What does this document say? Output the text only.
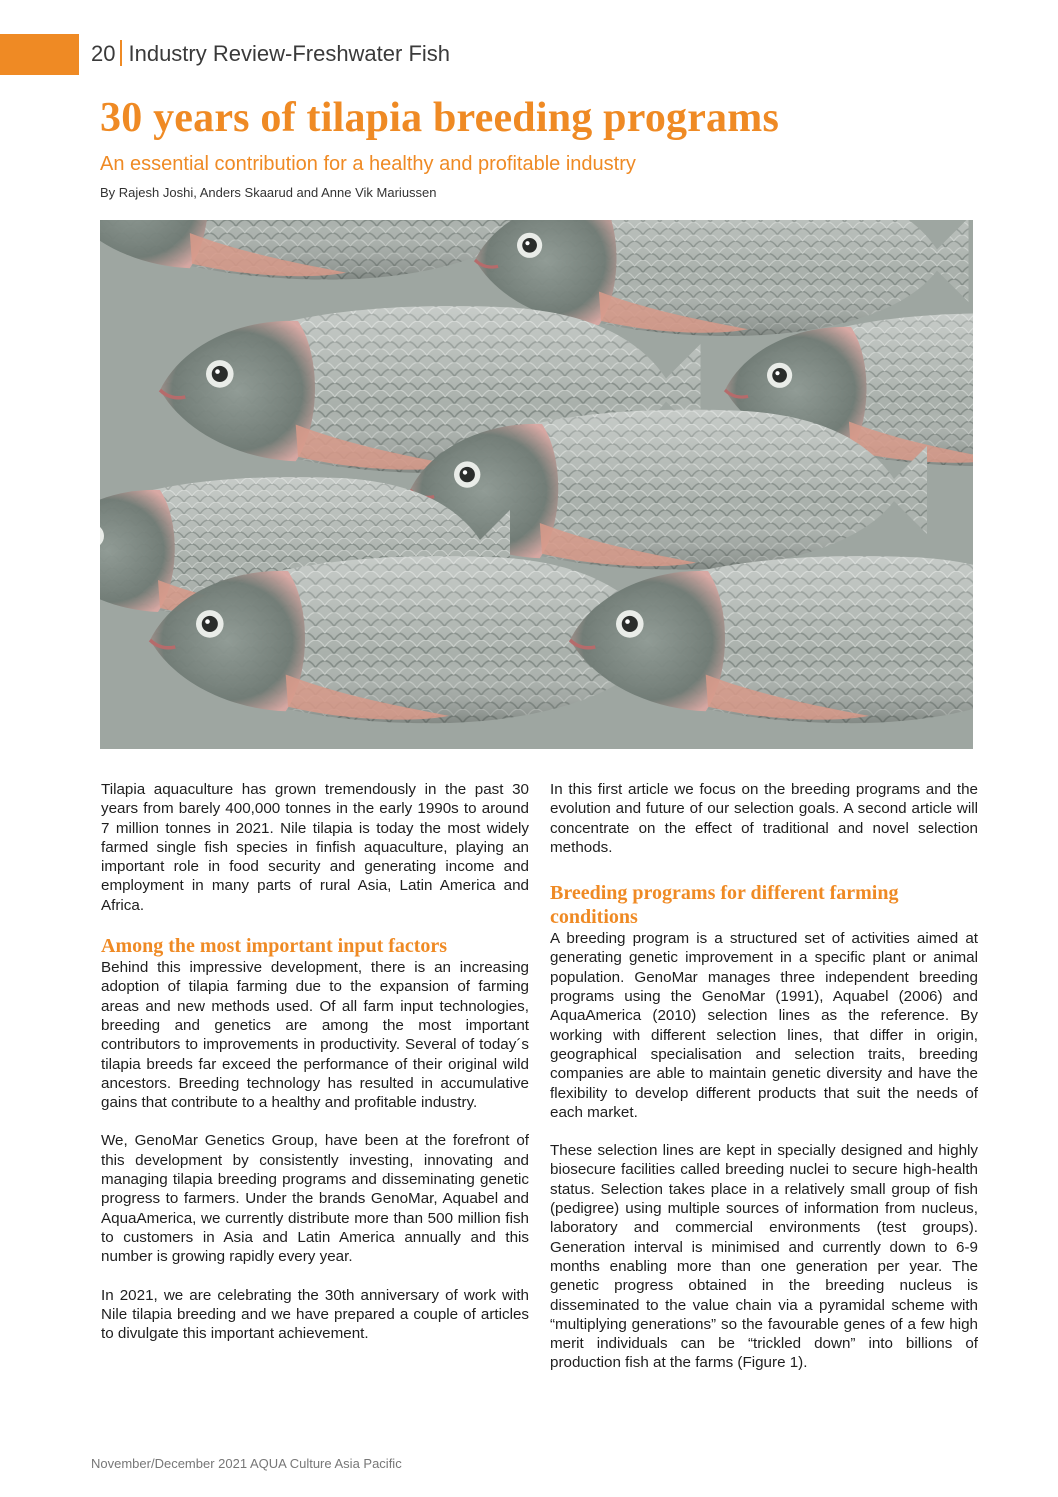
20 Industry Review-Freshwater Fish
30 years of tilapia breeding programs
An essential contribution for a healthy and profitable industry
By Rajesh Joshi, Anders Skaarud and Anne Vik Mariussen

Tilapia aquaculture has grown tremendously in the past 30 years from barely 400,000 tonnes in the early 1990s to around 7 million tonnes in 2021. Nile tilapia is today the most widely farmed single fish species in finfish aquaculture, playing an important role in food security and generating income and employment in many parts of rural Asia, Latin America and Africa.

Among the most important input factors

Behind this impressive development, there is an increasing adoption of tilapia farming due to the expansion of farming areas and new methods used. Of all farm input technologies, breeding and genetics are among the most important contributors to improvements in productivity. Several of today´s tilapia breeds far exceed the performance of their original wild ancestors. Breeding technology has resulted in accumulative gains that contribute to a healthy and profitable industry.

We, GenoMar Genetics Group, have been at the forefront of this development by consistently investing, innovating and managing tilapia breeding programs and disseminating genetic progress to farmers. Under the brands GenoMar, Aquabel and AquaAmerica, we currently distribute more than 500 million fish to customers in Asia and Latin America annually and this number is growing rapidly every year.

In 2021, we are celebrating the 30th anniversary of work with Nile tilapia breeding and we have prepared a couple of articles to divulgate this important achievement.

In this first article we focus on the breeding programs and the evolution and future of our selection goals. A second article will concentrate on the effect of traditional and novel selection methods.

Breeding programs for different farming conditions

A breeding program is a structured set of activities aimed at generating genetic improvement in a specific plant or animal population. GenoMar manages three independent breeding programs using the GenoMar (1991), Aquabel (2006) and AquaAmerica (2010) selection lines as the reference. By working with different selection lines, that differ in origin, geographical specialisation and selection traits, breeding companies are able to maintain genetic diversity and have the flexibility to develop different products that suit the needs of each market.

These selection lines are kept in specially designed and highly biosecure facilities called breeding nuclei to secure high-health status. Selection takes place in a relatively small group of fish (pedigree) using multiple sources of information from nucleus, laboratory and commercial environments (test groups). Generation interval is minimised and currently down to 6-9 months enabling more than one generation per year. The genetic progress obtained in the breeding nucleus is disseminated to the value chain via a pyramidal scheme with “multiplying generations” so the favourable genes of a few high merit individuals can be “trickled down” into billions of production fish at the farms (Figure 1).

November/December 2021 AQUA Culture Asia Pacific
